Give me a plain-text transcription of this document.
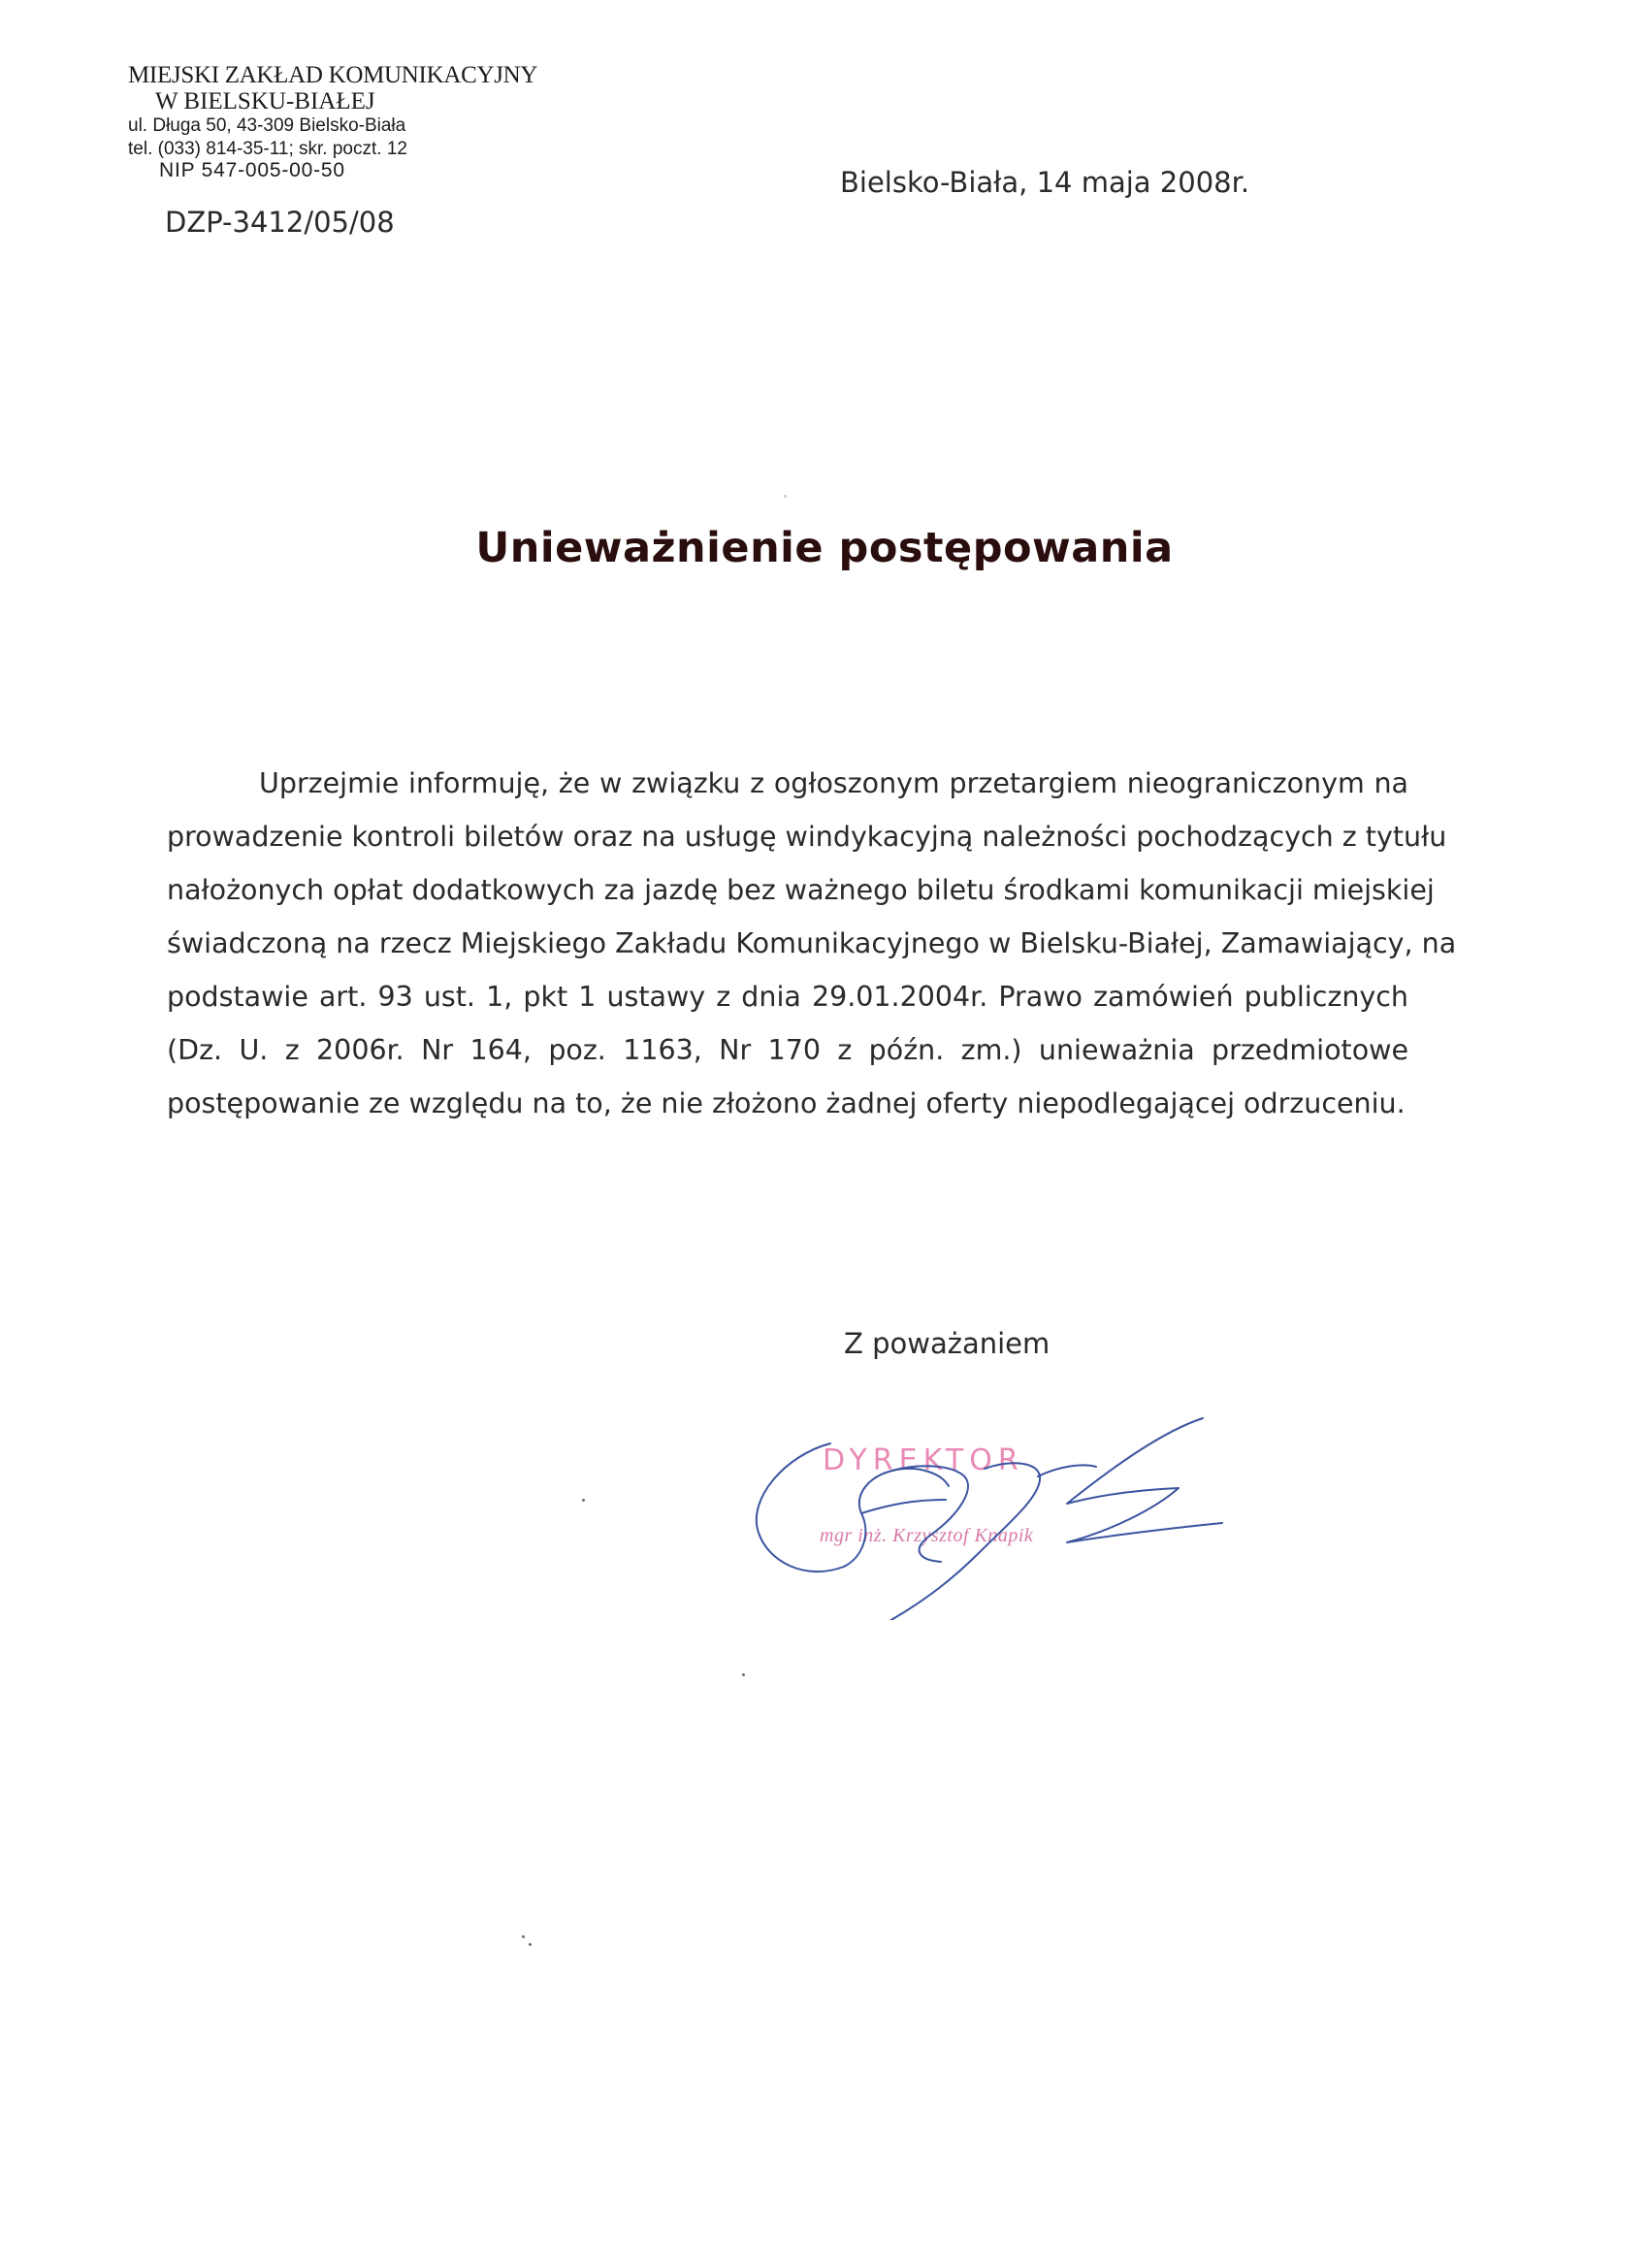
MIEJSKI ZAKŁAD KOMUNIKACYJNY
W BIELSKU-BIAŁEJ
ul. Długa 50, 43-309 Bielsko-Biała
tel. (033) 814-35-11; skr. poczt. 12
NIP 547-005-00-50
DZP-3412/05/08
Bielsko-Biała, 14 maja 2008r.
Unieważnienie postępowania
Uprzejmie informuję, że w związku z ogłoszonym przetargiem nieograniczonym na
prowadzenie kontroli biletów oraz na usługę windykacyjną należności pochodzących z tytułu
nałożonych opłat dodatkowych za jazdę bez ważnego biletu środkami komunikacji miejskiej
świadczoną na rzecz Miejskiego Zakładu Komunikacyjnego w Bielsku-Białej, Zamawiający, na
podstawie art. 93 ust. 1, pkt 1 ustawy z dnia 29.01.2004r. Prawo zamówień publicznych
(Dz. U. z 2006r. Nr 164, poz. 1163, Nr 170 z późn. zm.) unieważnia przedmiotowe
postępowanie ze względu na to, że nie złożono żadnej oferty niepodlegającej odrzuceniu.
Z poważaniem
DYREKTOR
mgr inż. Krzysztof Knapik
